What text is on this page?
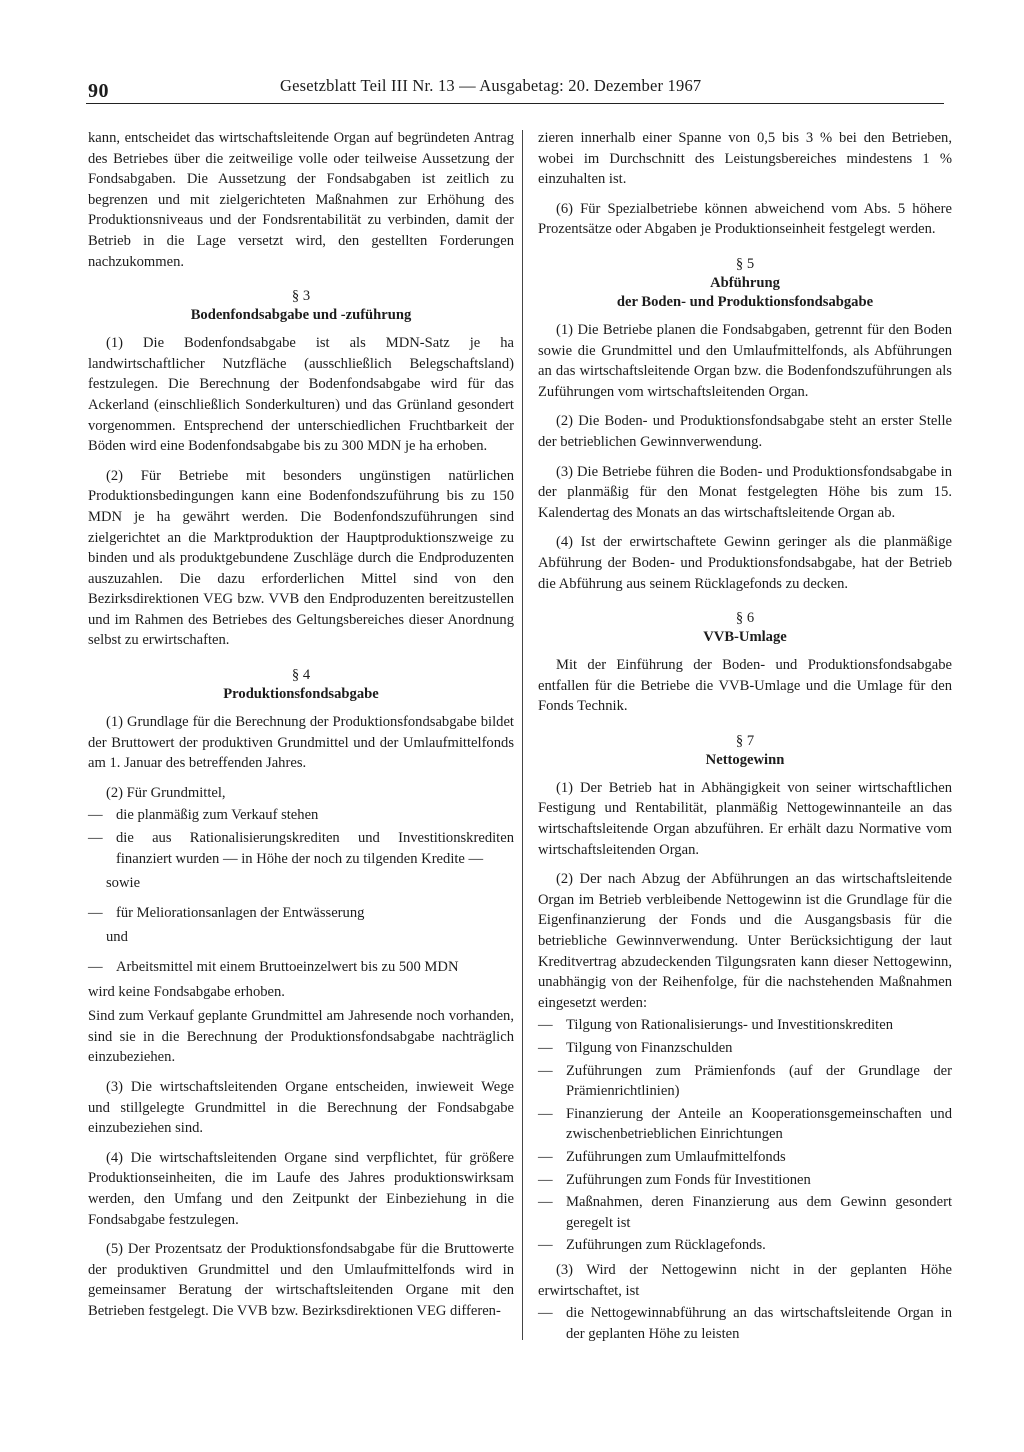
90	Gesetzblatt Teil III Nr. 13 — Ausgabetag: 20. Dezember 1967

kann, entscheidet das wirtschaftsleitende Organ auf begründeten Antrag des Betriebes über die zeitweilige volle oder teilweise Aussetzung der Fondsabgaben. Die Aussetzung der Fondsabgaben ist zeitlich zu begrenzen und mit zielgerichteten Maßnahmen zur Erhöhung des Produktionsniveaus und der Fondsrentabilität zu verbinden, damit der Betrieb in die Lage versetzt wird, den gestellten Forderungen nachzukommen.

§ 3
Bodenfondsabgabe und -zuführung

(1) Die Bodenfondsabgabe ist als MDN-Satz je ha landwirtschaftlicher Nutzfläche (ausschließlich Belegschaftsland) festzulegen. Die Berechnung der Bodenfondsabgabe wird für das Ackerland (einschließlich Sonderkulturen) und das Grünland gesondert vorgenommen. Entsprechend der unterschiedlichen Fruchtbarkeit der Böden wird eine Bodenfondsabgabe bis zu 300 MDN je ha erhoben.

(2) Für Betriebe mit besonders ungünstigen natürlichen Produktionsbedingungen kann eine Bodenfondszuführung bis zu 150 MDN je ha gewährt werden. Die Bodenfondszuführungen sind zielgerichtet an die Marktproduktion der Hauptproduktionszweige zu binden und als produktgebundene Zuschläge durch die Endproduzenten auszuzahlen. Die dazu erforderlichen Mittel sind von den Bezirksdirektionen VEG bzw. VVB den Endproduzenten bereitzustellen und im Rahmen des Betriebes des Geltungsbereiches dieser Anordnung selbst zu erwirtschaften.

§ 4
Produktionsfondsabgabe

(1) Grundlage für die Berechnung der Produktionsfondsabgabe bildet der Bruttowert der produktiven Grundmittel und der Umlaufmittelfonds am 1. Januar des betreffenden Jahres.

(2) Für Grundmittel,

— die planmäßig zum Verkauf stehen
— die aus Rationalisierungskrediten und Investitionskrediten finanziert wurden — in Höhe der noch zu tilgenden Kredite —

sowie

— für Meliorationsanlagen der Entwässerung

und

— Arbeitsmittel mit einem Bruttoeinzelwert bis zu 500 MDN

wird keine Fondsabgabe erhoben.

Sind zum Verkauf geplante Grundmittel am Jahresende noch vorhanden, sind sie in die Berechnung der Produktionsfondsabgabe nachträglich einzubeziehen.

(3) Die wirtschaftsleitenden Organe entscheiden, inwieweit Wege und stillgelegte Grundmittel in die Berechnung der Fondsabgabe einzubeziehen sind.

(4) Die wirtschaftsleitenden Organe sind verpflichtet, für größere Produktionseinheiten, die im Laufe des Jahres produktionswirksam werden, den Umfang und den Zeitpunkt der Einbeziehung in die Fondsabgabe festzulegen.

(5) Der Prozentsatz der Produktionsfondsabgabe für die Bruttowerte der produktiven Grundmittel und den Umlaufmittelfonds wird in gemeinsamer Beratung der wirtschaftsleitenden Organe mit den Betrieben festgelegt. Die VVB bzw. Bezirksdirektionen VEG differen-

zieren innerhalb einer Spanne von 0,5 bis 3 % bei den Betrieben, wobei im Durchschnitt des Leistungsbereiches mindestens 1 % einzuhalten ist.

(6) Für Spezialbetriebe können abweichend vom Abs. 5 höhere Prozentsätze oder Abgaben je Produktionseinheit festgelegt werden.

§ 5
Abführung
der Boden- und Produktionsfondsabgabe

(1) Die Betriebe planen die Fondsabgaben, getrennt für den Boden sowie die Grundmittel und den Umlaufmittelfonds, als Abführungen an das wirtschaftsleitende Organ bzw. die Bodenfondszuführungen als Zuführungen vom wirtschaftsleitenden Organ.

(2) Die Boden- und Produktionsfondsabgabe steht an erster Stelle der betrieblichen Gewinnverwendung.

(3) Die Betriebe führen die Boden- und Produktionsfondsabgabe in der planmäßig für den Monat festgelegten Höhe bis zum 15. Kalendertag des Monats an das wirtschaftsleitende Organ ab.

(4) Ist der erwirtschaftete Gewinn geringer als die planmäßige Abführung der Boden- und Produktionsfondsabgabe, hat der Betrieb die Abführung aus seinem Rücklagefonds zu decken.

§ 6
VVB-Umlage

Mit der Einführung der Boden- und Produktionsfondsabgabe entfallen für die Betriebe die VVB-Umlage und die Umlage für den Fonds Technik.

§ 7
Nettogewinn

(1) Der Betrieb hat in Abhängigkeit von seiner wirtschaftlichen Festigung und Rentabilität, planmäßig Nettogewinnanteile an das wirtschaftsleitende Organ abzuführen. Er erhält dazu Normative vom wirtschaftsleitenden Organ.

(2) Der nach Abzug der Abführungen an das wirtschaftsleitende Organ im Betrieb verbleibende Nettogewinn ist die Grundlage für die Eigenfinanzierung der Fonds und die Ausgangsbasis für die betriebliche Gewinnverwendung. Unter Berücksichtigung der laut Kreditvertrag abzudeckenden Tilgungsraten kann dieser Nettogewinn, unabhängig von der Reihenfolge, für die nachstehenden Maßnahmen eingesetzt werden:

— Tilgung von Rationalisierungs- und Investitionskrediten
— Tilgung von Finanzschulden
— Zuführungen zum Prämienfonds (auf der Grundlage der Prämienrichtlinien)
— Finanzierung der Anteile an Kooperationsgemeinschaften und zwischenbetrieblichen Einrichtungen
— Zuführungen zum Umlaufmittelfonds
— Zuführungen zum Fonds für Investitionen
— Maßnahmen, deren Finanzierung aus dem Gewinn gesondert geregelt ist
— Zuführungen zum Rücklagefonds.

(3) Wird der Nettogewinn nicht in der geplanten Höhe erwirtschaftet, ist

— die Nettogewinnabführung an das wirtschaftsleitende Organ in der geplanten Höhe zu leisten
